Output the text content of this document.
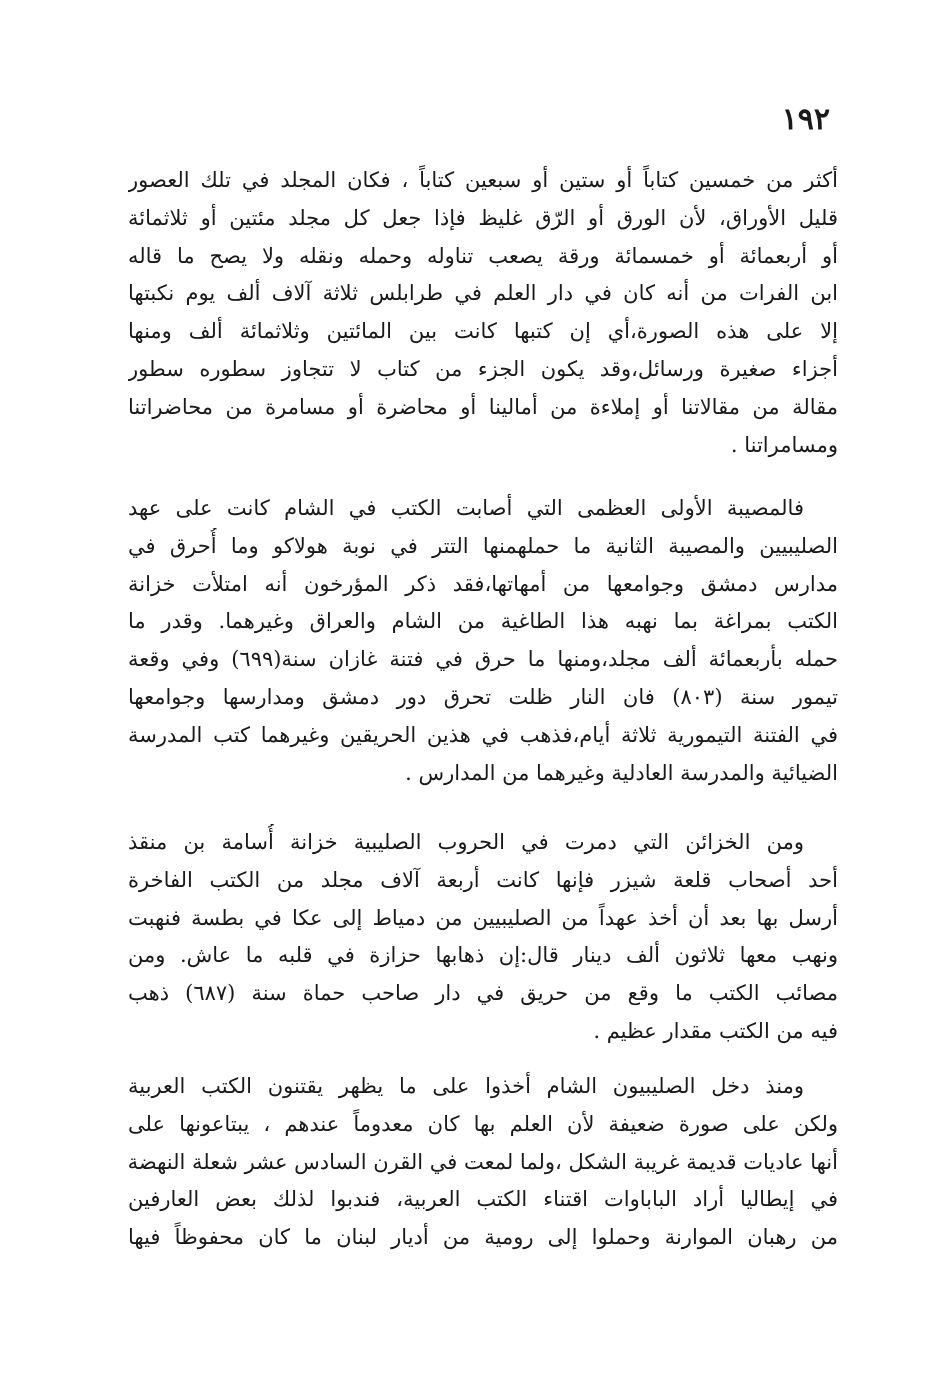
١٩٢
أكثر من خمسين كتاباً أو ستين أو سبعين كتاباً ، فكان المجلد في تلك العصور
قليل الأوراق، لأن الورق أو الرّق غليظ فإذا جعل كل مجلد مئتين أو ثلاثمائة
أو أربعمائة أو خمسمائة ورقة يصعب تناوله وحمله ونقله ولا يصح ما قاله
ابن الفرات من أنه كان في دار العلم في طرابلس ثلاثة آلاف ألف يوم نكبتها
إلا على هذه الصورة،أي إن كتبها كانت بين المائتين وثلاثمائة ألف ومنها
أجزاء صغيرة ورسائل،وقد يكون الجزء من كتاب لا تتجاوز سطوره سطور
مقالة من مقالاتنا أو إملاءة من أمالينا أو محاضرة أو مسامرة من محاضراتنا
ومسامراتنا .
فالمصيبة الأولى العظمى التي أصابت الكتب في الشام كانت على عهد
الصليبيين والمصيبة الثانية ما حملهمنها التتر في نوبة هولاكو وما أُحرق في
مدارس دمشق وجوامعها من أمهاتها،فقد ذكر المؤرخون أنه امتلأت خزانة
الكتب بمراغة بما نهبه هذا الطاغية من الشام والعراق وغيرهما. وقدر ما
حمله بأربعمائة ألف مجلد،ومنها ما حرق في فتنة غازان سنة(٦٩٩) وفي وقعة
تيمور سنة (٨٠٣) فان النار ظلت تحرق دور دمشق ومدارسها وجوامعها
في الفتنة التيمورية ثلاثة أيام،فذهب في هذين الحريقين وغيرهما كتب المدرسة
الضيائية والمدرسة العادلية وغيرهما من المدارس .
ومن الخزائن التي دمرت في الحروب الصليبية خزانة أُسامة بن منقذ
أحد أصحاب قلعة شيزر فإنها كانت أربعة آلاف مجلد من الكتب الفاخرة
أرسل بها بعد أن أخذ عهداً من الصليبيين من دمياط إلى عكا في بطسة فنهبت
ونهب معها ثلاثون ألف دينار قال:إن ذهابها حزازة في قلبه ما عاش. ومن
مصائب الكتب ما وقع من حريق في دار صاحب حماة سنة (٦٨٧) ذهب
فيه من الكتب مقدار عظيم .
ومنذ دخل الصليبيون الشام أخذوا على ما يظهر يقتنون الكتب العربية
ولكن على صورة ضعيفة لأن العلم بها كان معدوماً عندهم ، يبتاعونها على
أنها عاديات قديمة غريبة الشكل ،ولما لمعت في القرن السادس عشر شعلة النهضة
في إيطاليا أراد الباباوات اقتناء الكتب العربية، فندبوا لذلك بعض العارفين
من رهبان الموارنة وحملوا إلى رومية من أديار لبنان ما كان محفوظاً فيها
